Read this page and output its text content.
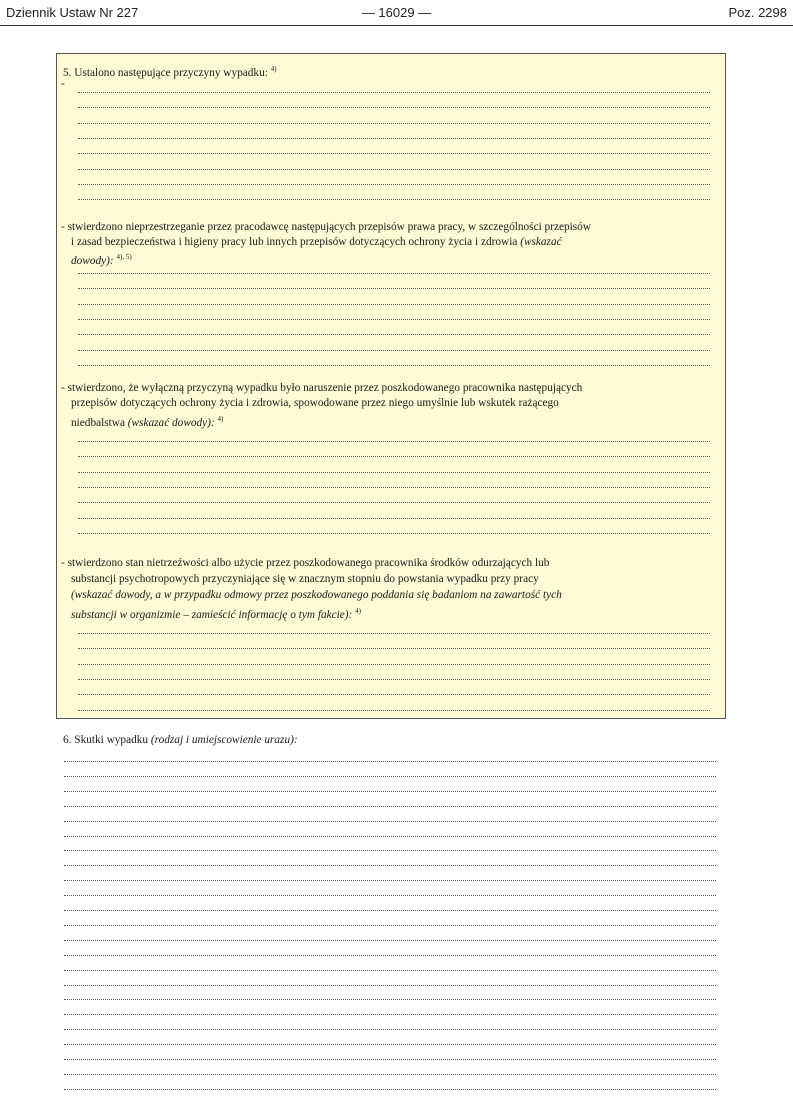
Dziennik Ustaw Nr 227	— 16029 —	Poz. 2298
5. Ustalono następujące przyczyny wypadku: $^{4)}$
-
- stwierdzono nieprzestrzeganie przez pracodawcę następujących przepisów prawa pracy, w szczególności przepisów
i zasad bezpieczeństwa i higieny pracy lub innych przepisów dotyczących ochrony życia i zdrowia (wskazać
dowody): $^{4), 5)}$
- stwierdzono, że wyłączną przyczyną wypadku było naruszenie przez poszkodowanego pracownika następujących
przepisów dotyczących ochrony życia i zdrowia, spowodowane przez niego umyślnie lub wskutek rażącego
niedbalstwa (wskazać dowody): $^{4)}$
- stwierdzono stan nietrzeźwości albo użycie przez poszkodowanego pracownika środków odurzających lub
substancji psychotropowych przyczyniające się w znacznym stopniu do powstania wypadku przy pracy
(wskazać dowody, a w przypadku odmowy przez poszkodowanego poddania się badaniom na zawartość tych
substancji w organizmie – zamieścić informację o tym fakcie): $^{4)}$
6. Skutki wypadku (rodzaj i umiejscowienie urazu):
